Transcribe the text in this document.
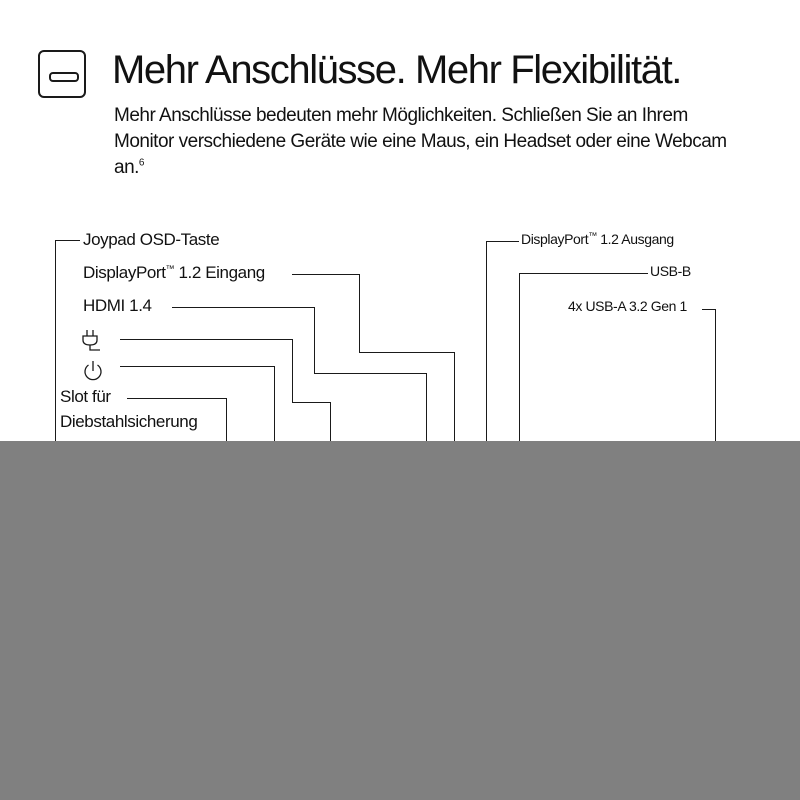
Mehr Anschlüsse. Mehr Flexibilität.

Mehr Anschlüsse bedeuten mehr Möglichkeiten. Schließen Sie an Ihrem Monitor verschiedene Geräte wie eine Maus, ein Headset oder eine Webcam an.$^6$

Joypad OSD-Taste
DisplayPort™ 1.2 Eingang
HDMI 1.4
Slot für
Diebstahlsicherung
DisplayPort™ 1.2 Ausgang
USB-B
4x USB-A 3.2 Gen 1
